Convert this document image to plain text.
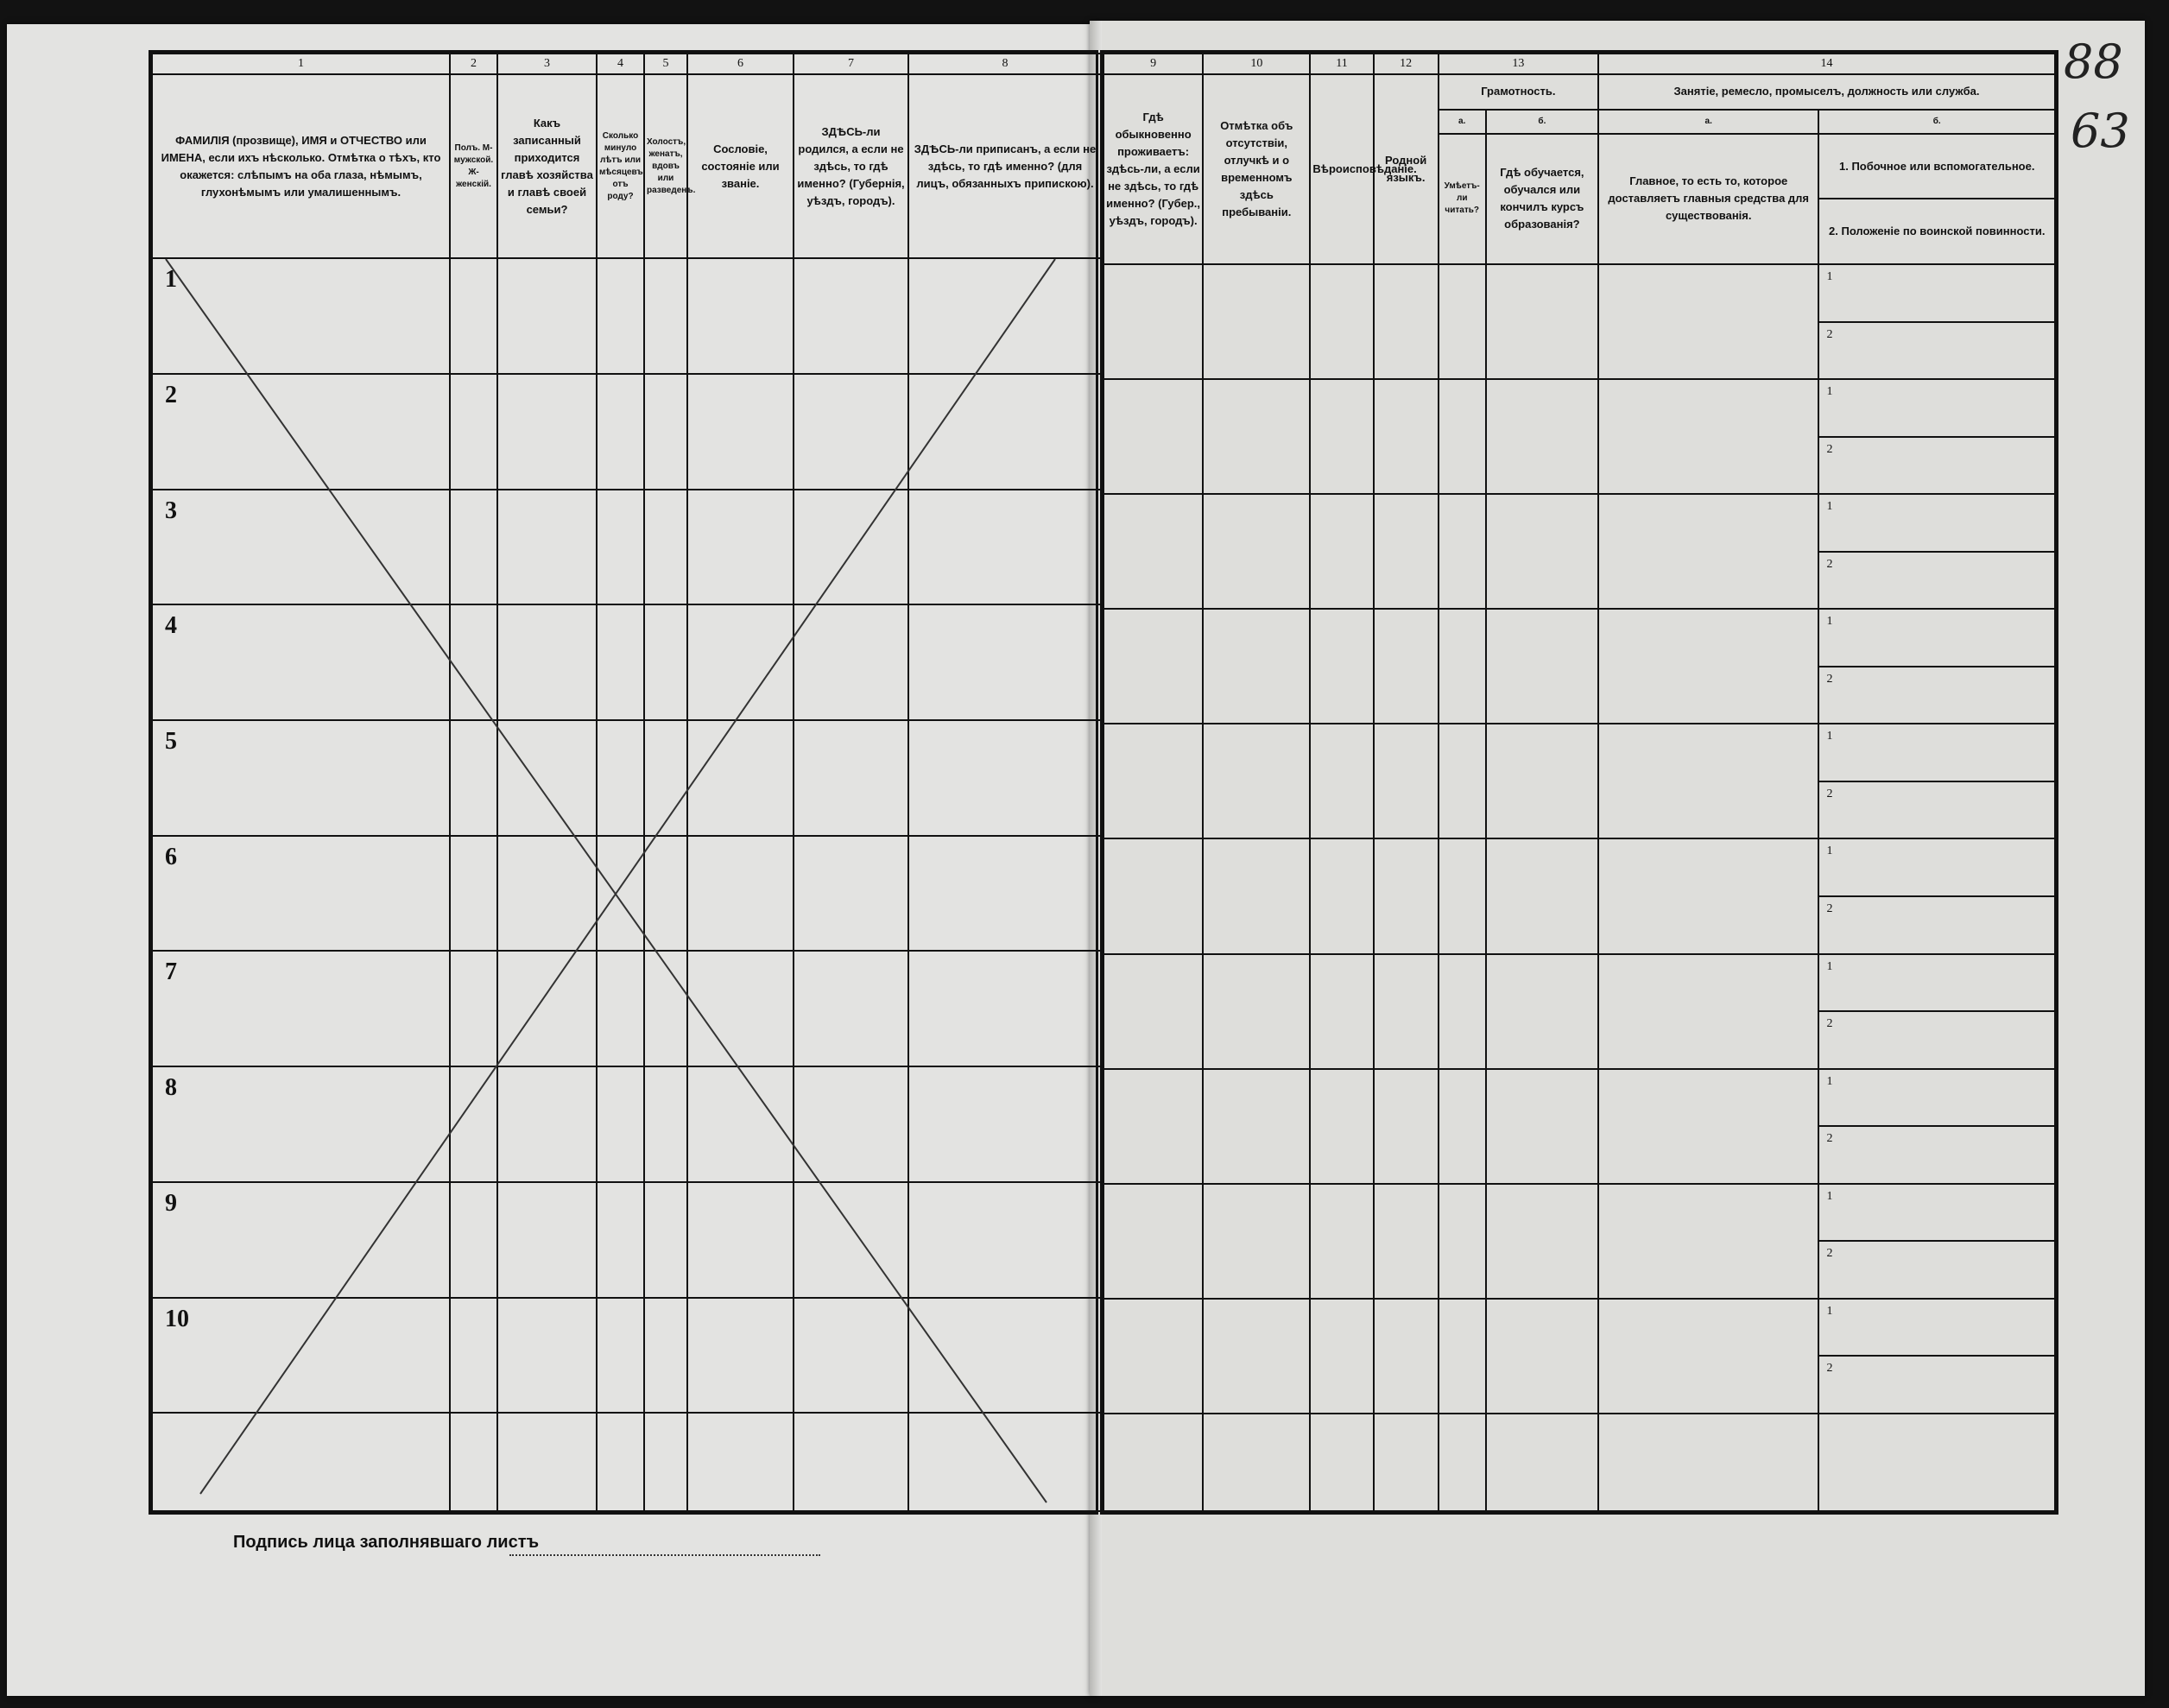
1	2	3	4	5	6	7	8
ФАМИЛІЯ (прозвище), ИМЯ и ОТЧЕСТВО или ИМЕНА, если ихъ нѣсколько. Отмѣтка о тѣхъ, кто окажется: слѣпымъ на оба глаза, нѣмымъ, глухонѣмымъ или умалишеннымъ.	Полъ. М-мужской. Ж-женскій.	Какъ записанный приходится главѣ хозяйства и главѣ своей семьи?	Сколько минуло лѣтъ или мѣсяцевъ отъ роду?	Холостъ, женатъ, вдовъ или разведенъ.	Сословіе, состояніе или званіе.	ЗДѢСЬ-ли родился, а если не здѣсь, то гдѣ именно? (Губернія, уѣздъ, городъ).	ЗДѢСЬ-ли приписанъ, а если не здѣсь, то гдѣ именно? (для лицъ, обязанныхъ припискою).

1							

2							

3							

4							

5							

6							

7							

8							

9							

10							

Подпись лица заполнявшаго листъ
9	10	11	12	13		14	
Гдѣ обыкновенно проживаетъ: здѣсь-ли, а если не здѣсь, то гдѣ именно? (Губер., уѣздъ, городъ).	Отмѣтка объ отсутствіи, отлучкѣ и о временномъ здѣсь пребываніи.	Вѣроисповѣданіе.	Родной языкъ.	Грамотность.		Занятіе, ремесло, промыселъ, должность или служба.	
				а.	б.	а.	б.
				Умѣетъ-ли читать?	Гдѣ обучается, обучался или кончилъ курсъ образованія?	Главное, то есть то, которое доставляетъ главныя средства для существованія.	1. Побочное или вспомогательное.
2. Положеніе по воинской повинности.

							1
2

							1
2

							1
2

							1
2

							1
2

							1
2

							1
2

							1
2

							1
2

							1
2

88
63
